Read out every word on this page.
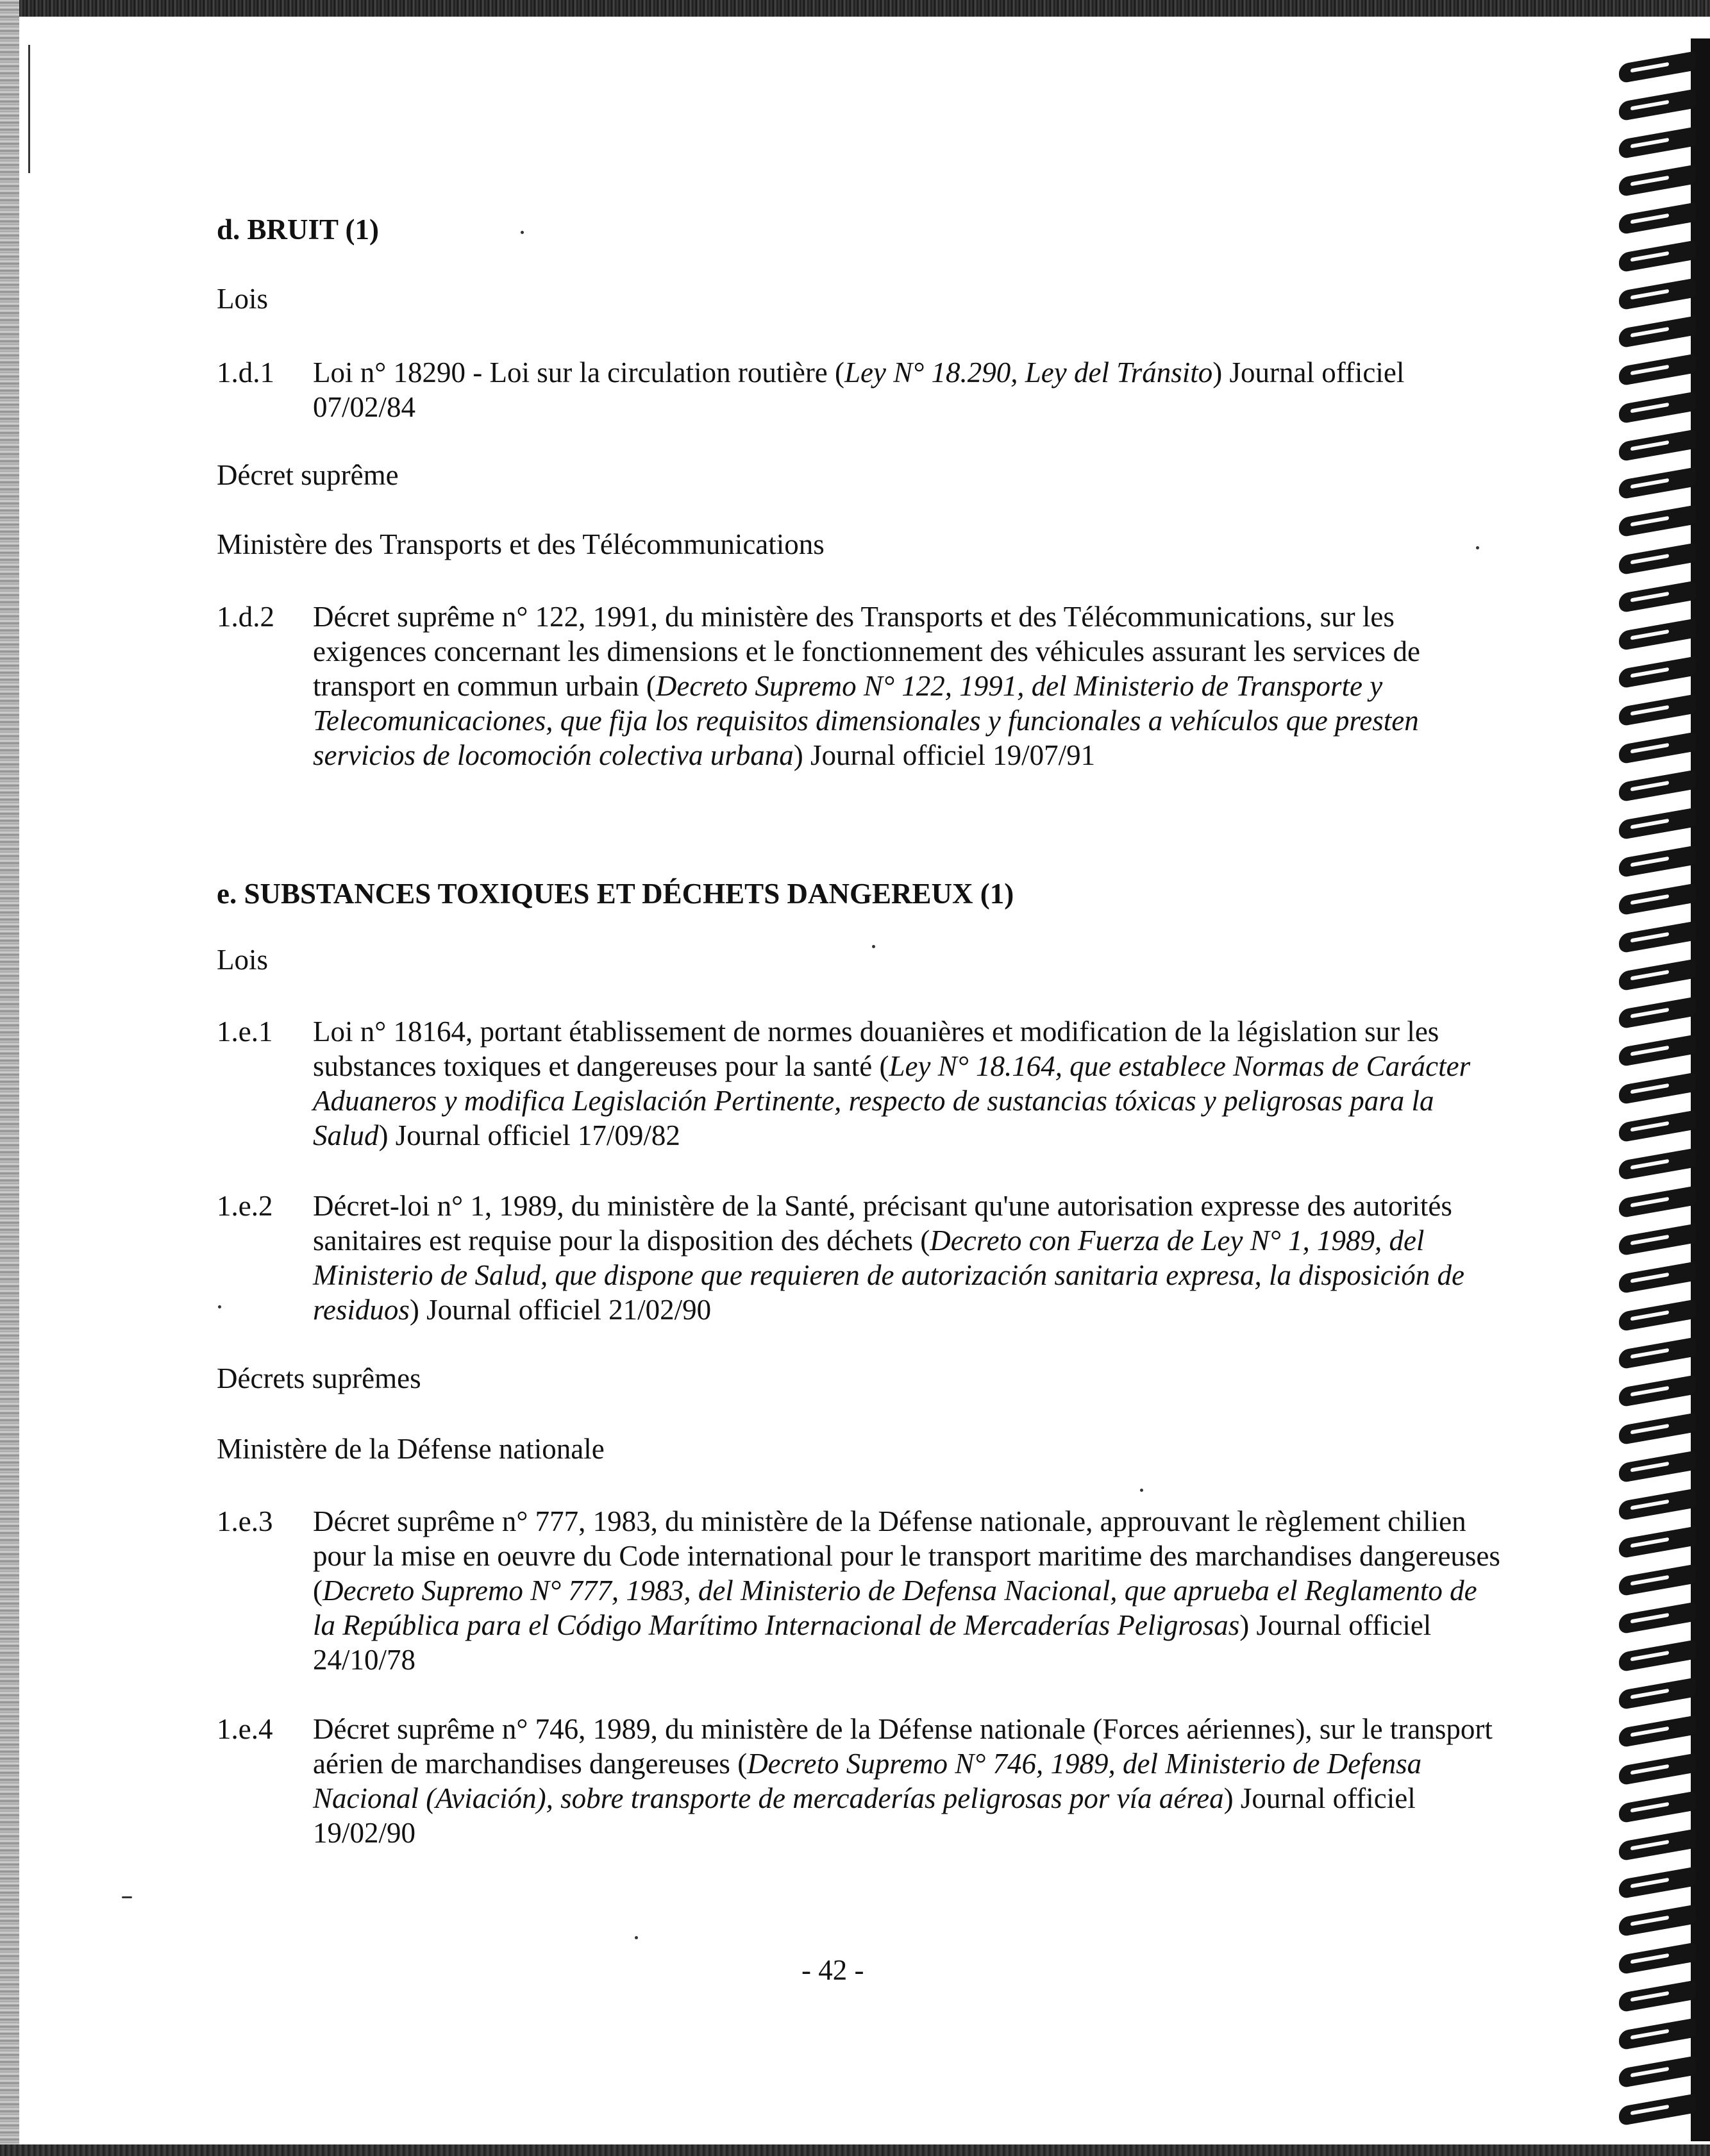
d. BRUIT (1)
Lois
1.d.1 Loi n° 18290 - Loi sur la circulation routière (Ley N° 18.290, Ley del Tránsito) Journal officiel 07/02/84
Décret suprême
Ministère des Transports et des Télécommunications
1.d.2 Décret suprême n° 122, 1991, du ministère des Transports et des Télécommunications, sur les exigences concernant les dimensions et le fonctionnement des véhicules assurant les services de transport en commun urbain (Decreto Supremo N° 122, 1991, del Ministerio de Transporte y Telecomunicaciones, que fija los requisitos dimensionales y funcionales a vehículos que presten servicios de locomoción colectiva urbana) Journal officiel 19/07/91
e. SUBSTANCES TOXIQUES ET DÉCHETS DANGEREUX (1)
Lois
1.e.1 Loi n° 18164, portant établissement de normes douanières et modification de la législation sur les substances toxiques et dangereuses pour la santé (Ley N° 18.164, que establece Normas de Carácter Aduaneros y modifica Legislación Pertinente, respecto de sustancias tóxicas y peligrosas para la Salud) Journal officiel 17/09/82
1.e.2 Décret-loi n° 1, 1989, du ministère de la Santé, précisant qu'une autorisation expresse des autorités sanitaires est requise pour la disposition des déchets (Decreto con Fuerza de Ley N° 1, 1989, del Ministerio de Salud, que dispone que requieren de autorización sanitaria expresa, la disposición de residuos) Journal officiel 21/02/90
Décrets suprêmes
Ministère de la Défense nationale
1.e.3 Décret suprême n° 777, 1983, du ministère de la Défense nationale, approuvant le règlement chilien pour la mise en oeuvre du Code international pour le transport maritime des marchandises dangereuses (Decreto Supremo N° 777, 1983, del Ministerio de Defensa Nacional, que aprueba el Reglamento de la República para el Código Marítimo Internacional de Mercaderías Peligrosas) Journal officiel 24/10/78
1.e.4 Décret suprême n° 746, 1989, du ministère de la Défense nationale (Forces aériennes), sur le transport aérien de marchandises dangereuses (Decreto Supremo N° 746, 1989, del Ministerio de Defensa Nacional (Aviación), sobre transporte de mercaderías peligrosas por vía aérea) Journal officiel 19/02/90
- 42 -
